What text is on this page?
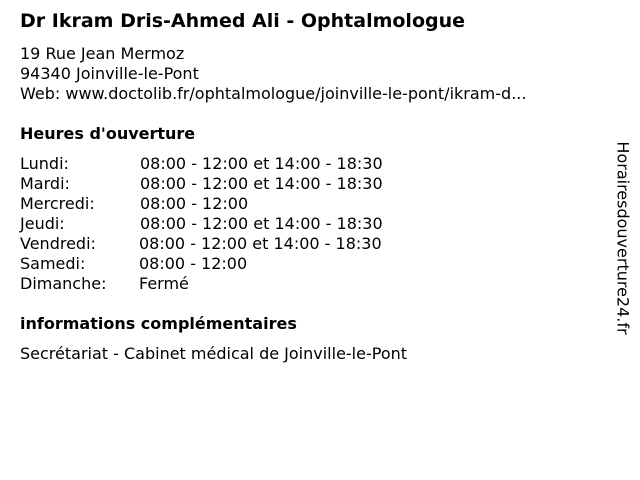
Dr Ikram Dris-Ahmed Ali - Ophtalmologue
19 Rue Jean Mermoz
94340 Joinville-le-Pont
Web: www.doctolib.fr/ophtalmologue/joinville-le-pont/ikram-d...
Heures d'ouverture
Lundi:	08:00 - 12:00 et 14:00 - 18:30
Mardi:	08:00 - 12:00 et 14:00 - 18:30
Mercredi:	08:00 - 12:00
Jeudi:	08:00 - 12:00 et 14:00 - 18:30
Vendredi:	08:00 - 12:00 et 14:00 - 18:30
Samedi:	08:00 - 12:00
Dimanche: Fermé
informations complémentaires
Secrétariat - Cabinet médical de Joinville-le-Pont
Horairesdouverture24.fr
